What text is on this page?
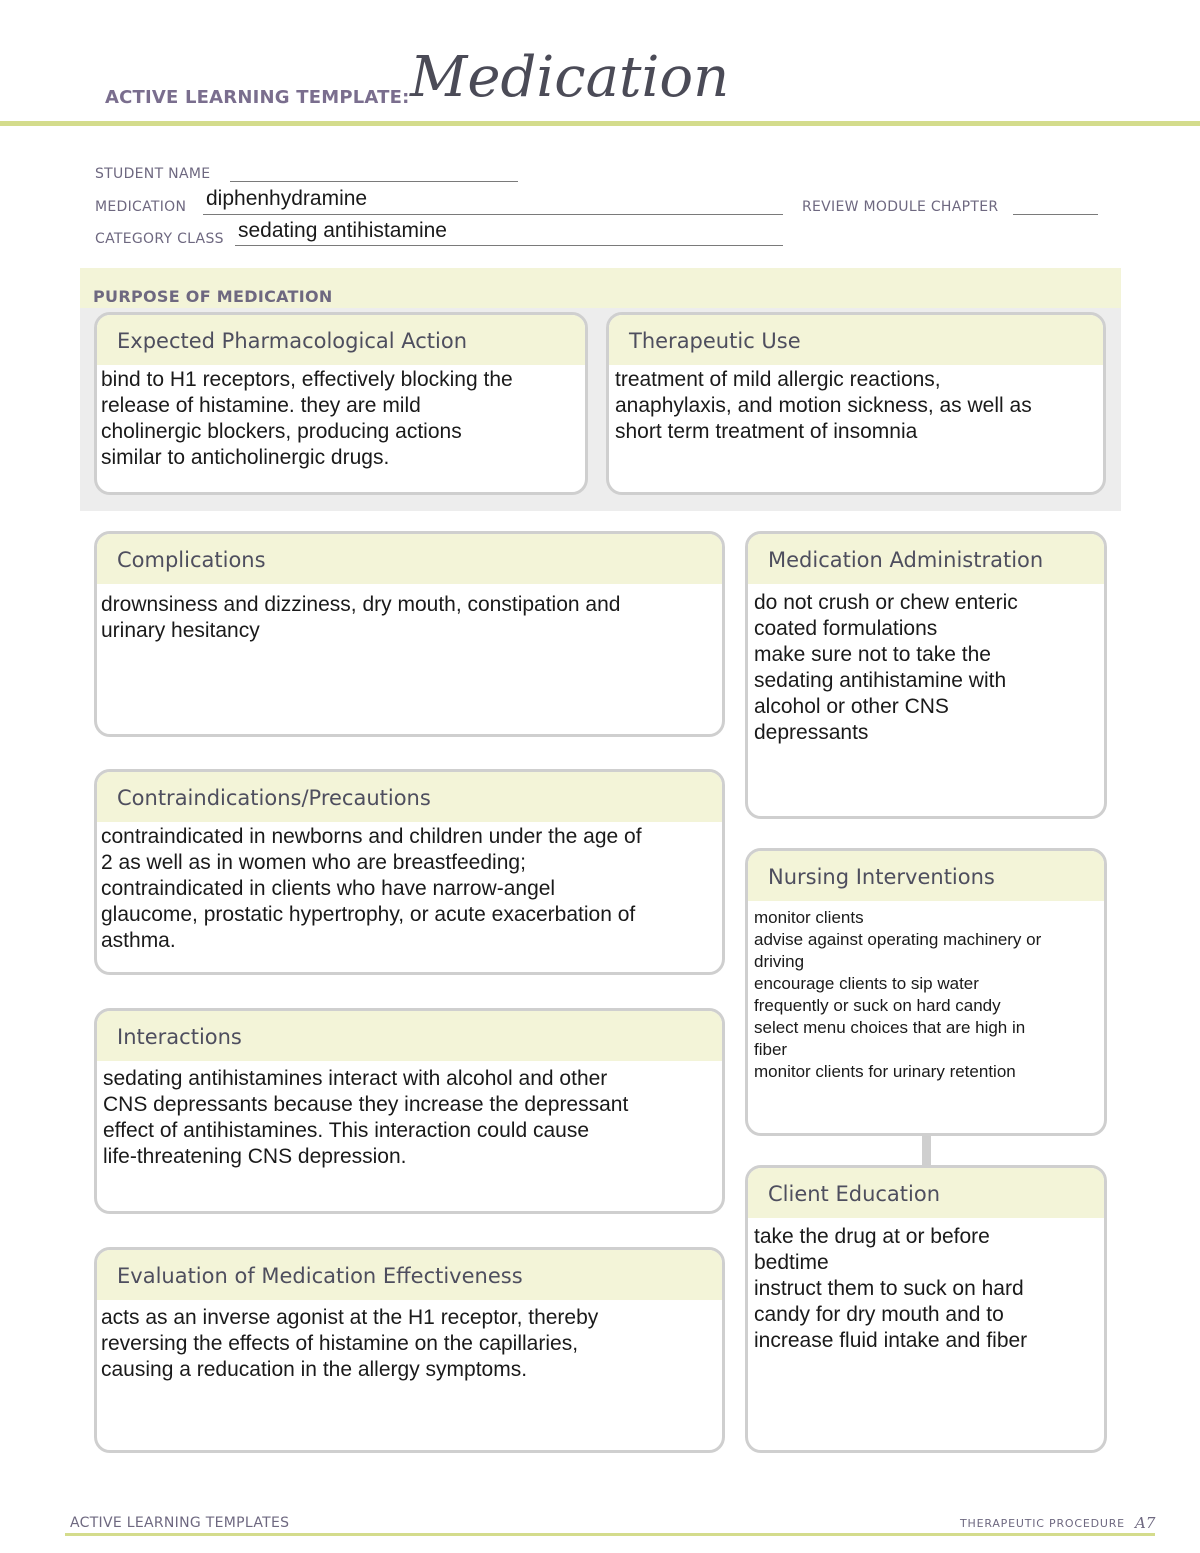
ACTIVE LEARNING TEMPLATE: Medication
STUDENT NAME
MEDICATION diphenhydramine	REVIEW MODULE CHAPTER
CATEGORY CLASS sedating antihistamine
PURPOSE OF MEDICATION
Expected Pharmacological Action
bind to H1 receptors, effectively blocking the
release of histamine. they are mild
cholinergic blockers, producing actions
similar to anticholinergic drugs.
Therapeutic Use
treatment of mild allergic reactions,
anaphylaxis, and motion sickness, as well as
short term treatment of insomnia
Complications
drownsiness and dizziness, dry mouth, constipation and
urinary hesitancy
Contraindications/Precautions
contraindicated in newborns and children under the age of
2 as well as in women who are breastfeeding;
contraindicated in clients who have narrow-angel
glaucome, prostatic hypertrophy, or acute exacerbation of
asthma.
Interactions
sedating antihistamines interact with alcohol and other
CNS depressants because they increase the depressant
effect of antihistamines. This interaction could cause
life-threatening CNS depression.
Evaluation of Medication Effectiveness
acts as an inverse agonist at the H1 receptor, thereby
reversing the effects of histamine on the capillaries,
causing a reducation in the allergy symptoms.
Medication Administration
do not crush or chew enteric
coated formulations
make sure not to take the
sedating antihistamine with
alcohol or other CNS
depressants
Nursing Interventions
monitor clients
advise against operating machinery or
driving
encourage clients to sip water
frequently or suck on hard candy
select menu choices that are high in
fiber
monitor clients for urinary retention
Client Education
take the drug at or before
bedtime
instruct them to suck on hard
candy for dry mouth and to
increase fluid intake and fiber
ACTIVE LEARNING TEMPLATES	THERAPEUTIC PROCEDURE A7
